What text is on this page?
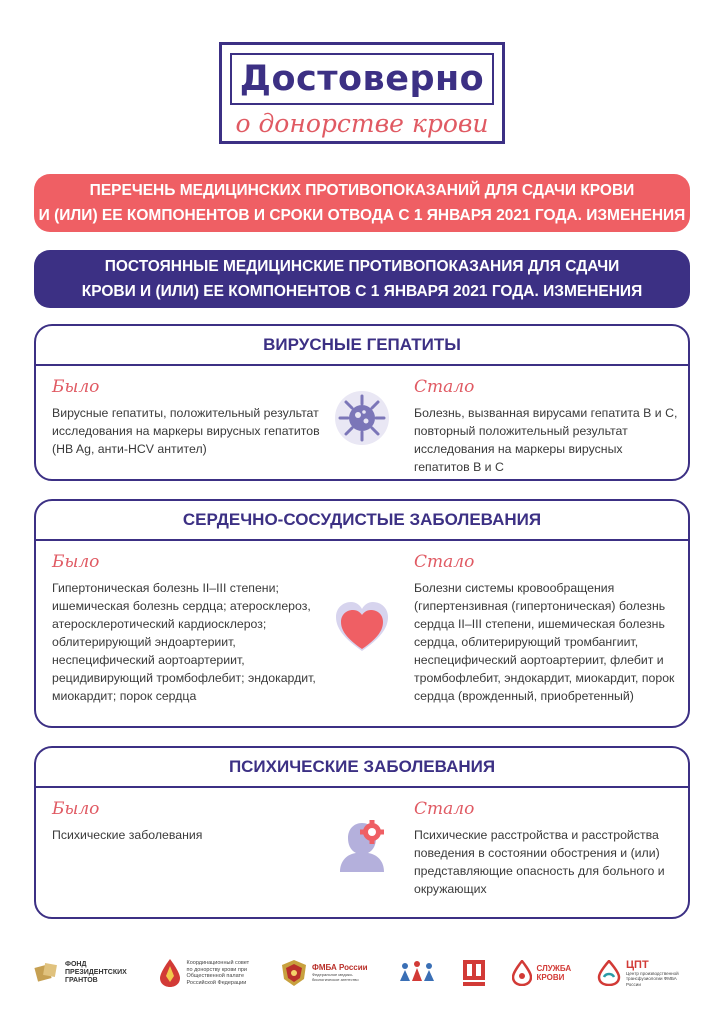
Достоверно
о донорстве крови
ПЕРЕЧЕНЬ МЕДИЦИНСКИХ ПРОТИВОПОКАЗАНИЙ ДЛЯ СДАЧИ КРОВИ
И (ИЛИ) ЕЕ КОМПОНЕНТОВ И СРОКИ ОТВОДА С 1 ЯНВАРЯ 2021 ГОДА. ИЗМЕНЕНИЯ
ПОСТОЯННЫЕ МЕДИЦИНСКИЕ ПРОТИВОПОКАЗАНИЯ ДЛЯ СДАЧИ
КРОВИ И (ИЛИ) ЕЕ КОМПОНЕНТОВ С 1 ЯНВАРЯ 2021 ГОДА. ИЗМЕНЕНИЯ
ВИРУСНЫЕ ГЕПАТИТЫ
Было
Вирусные гепатиты, положительный результат исследования на маркеры вирусных гепатитов (HB Ag, анти-HCV антител)
Стало
Болезнь, вызванная вирусами гепатита В и С, повторный положительный результат исследования на маркеры вирусных гепатитов В и С
СЕРДЕЧНО-СОСУДИСТЫЕ ЗАБОЛЕВАНИЯ
Было
Гипертоническая болезнь II–III степени; ишемическая болезнь сердца; атеросклероз, атеросклеротический кардиосклероз; облитерирующий эндоартериит, неспецифический аортоартериит, рецидивирующий тромбофлебит; эндокардит, миокардит; порок сердца
Стало
Болезни системы кровообращения (гипертензивная (гипертоническая) болезнь сердца II–III степени, ишемическая болезнь сердца, облитерирующий тромбангиит, неспецифический аортоартериит, флебит и тромбофлебит, эндокардит, миокардит, порок сердца (врожденный, приобретенный)
ПСИХИЧЕСКИЕ ЗАБОЛЕВАНИЯ
Было
Психические заболевания
Стало
Психические расстройства и расстройства поведения в состоянии обострения и (или) представляющие опасность для больного и окружающих
ФОНД ПРЕЗИДЕНТСКИХ ГРАНТОВ
Координационный совет по донорству крови при Общественной палате Российской Федерации
ФМБА России
Федеральное медико-биологическое агентство
СЛУЖБА КРОВИ
ЦПТ
Центр производственной трансфузиологии ФМБА России
